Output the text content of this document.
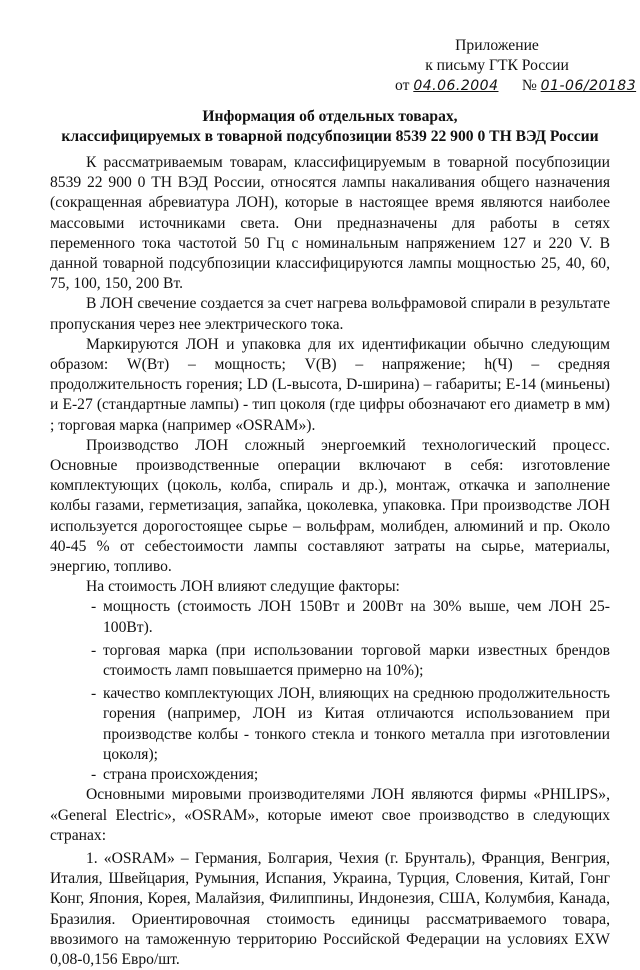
Приложение
к письму ГТК России
от 04.06.2004 № 01-06/20183
Информация об отдельных товарах,
классифицируемых в товарной подсубпозиции 8539 22 900 0 ТН ВЭД России

К рассматриваемым товарам, классифицируемым в товарной посубпозиции 8539 22 900 0 ТН ВЭД России, относятся лампы накаливания общего назначения (сокращенная абревиатура ЛОН), которые в настоящее время являются наиболее массовыми источниками света. Они предназначены для работы в сетях переменного тока частотой 50 Гц с номинальным напряжением 127 и 220 V. В данной товарной подсубпозиции классифицируются лампы мощностью 25, 40, 60, 75, 100, 150, 200 Вт.

В ЛОН свечение создается за счет нагрева вольфрамовой спирали в результате пропускания через нее электрического тока.

Маркируются ЛОН и упаковка для их идентификации обычно следующим образом: W(Вт) – мощность; V(В) – напряжение; h(Ч) – средняя продолжительность горения; LD (L-высота, D-ширина) – габариты; Е-14 (миньены) и Е-27 (стандартные лампы) - тип цоколя (где цифры обозначают его диаметр в мм) ; торговая марка (например «OSRAM»).

Производство ЛОН сложный энергоемкий технологический процесс. Основные производственные операции включают в себя: изготовление комплектующих (цоколь, колба, спираль и др.), монтаж, откачка и заполнение колбы газами, герметизация, запайка, цоколевка, упаковка. При производстве ЛОН используется дорогостоящее сырье – вольфрам, молибден, алюминий и пр. Около 40-45 % от себестоимости лампы составляют затраты на сырье, материалы, энергию, топливо.

На стоимость ЛОН влияют следущие факторы:

- мощность (стоимость ЛОН 150Вт и 200Вт на 30% выше, чем ЛОН 25-100Вт).
- торговая марка (при использовании торговой марки известных брендов стоимость ламп повышается примерно на 10%);
- качество комплектующих ЛОН, влияющих на среднюю продолжительность горения (например, ЛОН из Китая отличаются использованием при производстве колбы - тонкого стекла и тонкого металла при изготовлении цоколя);
- страна происхождения;

Основными мировыми производителями ЛОН являются фирмы «PHILIPS», «General Electric», «OSRAM», которые имеют свое производство в следующих странах:

1. «OSRAM» – Германия, Болгария, Чехия (г. Брунталь), Франция, Венгрия, Италия, Швейцария, Румыния, Испания, Украина, Турция, Словения, Китай, Гонг Конг, Япония, Корея, Малайзия, Филиппины, Индонезия, США, Колумбия, Канада, Бразилия. Ориентировочная стоимость единицы рассматриваемого товара, ввозимого на таможенную территорию Российской Федерации на условиях EXW 0,08-0,156 Евро/шт.
